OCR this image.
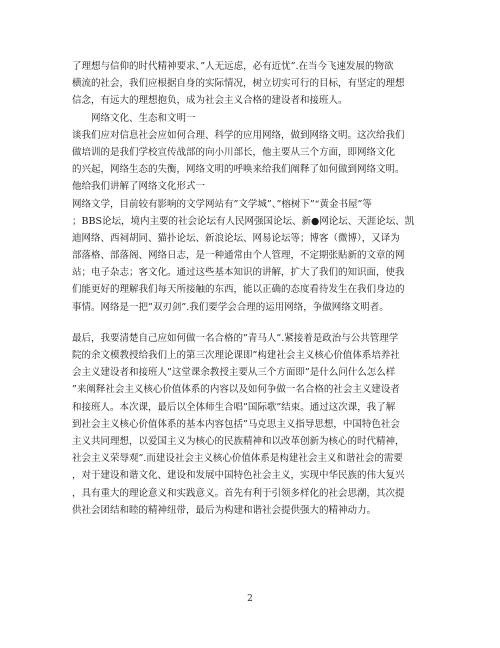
了理想与信仰的时代精神要求、”人无远虑，必有近忧”.在当今飞速发展的物欲
横流的社会，我们应根据自身的实际情况，树立切实可行的目标，有坚定的理想
信念，有远大的理想抱负，成为社会主义合格的建设者和接班人。

网络文化、生态和文明一
谈我们应对信息社会应如何合理、科学的应用网络，做到网络文明。这次给我们
做培训的是我们学校宣传战部的向小川部长，他主要从三个方面，即网络文化
的兴起，网络生态的失衡，网络文明的呼唤来给我们阐释了如何做到网络文明。
他给我们讲解了网络文化形式一
网络文学，目前较有影响的文学网站有”文学城”、”榕树下”“黄金书屋”等
；BBS论坛，境内主要的社会论坛有人民网强国论坛、新●网论坛、天涯论坛、凯
迪网络、西祠胡同、猫扑论坛、新浪论坛、网易论坛等；博客（微博），又译为
部落格、部落阁、网络日志，是一种通常由个人管理，不定期张贴新的文章的网
站；电子杂志；客文化。通过这些基本知识的讲解，扩大了我们的知识面，使我
们能更好的理解我们每天所接触的东西，能以正确的态度看待发生在我们身边的
事情。网络是一把”双刃剑”.我们要学会合理的运用网络，争做网络文明者。

最后，我要清楚自己应如何做一名合格的”青马人”.紧接着是政治与公共管理学
院的余文模教授给我们上的第三次理论课即”构建社会主义核心价值体系培养社
会主义建设者和接班人”这堂课余教授主要从三个方面即”是什么问什么怎么样
”来阐释社会主义核心价值体系的内容以及如何争做一名合格的社会主义建设者
和接班人。本次课，最后以全体师生合唱”国际歌”结束。通过这次课，我了解
到社会主义核心价值体系的基本内容包括”马克思主义指导思想，中国特色社会
主义共同理想，以爱国主义为核心的民族精神和以改革创新为核心的时代精神，
社会主义荣辱观”.而建设社会主义核心价值体系是构建社会主义和谐社会的需要
，对于建设和谐文化、建设和发展中国特色社会主义，实现中华民族的伟大复兴
，具有重大的理论意义和实践意义。首先有利于引领多样化的社会思潮，其次提
供社会团结和睦的精神纽带，最后为构建和谐社会提供强大的精神动力。

2
